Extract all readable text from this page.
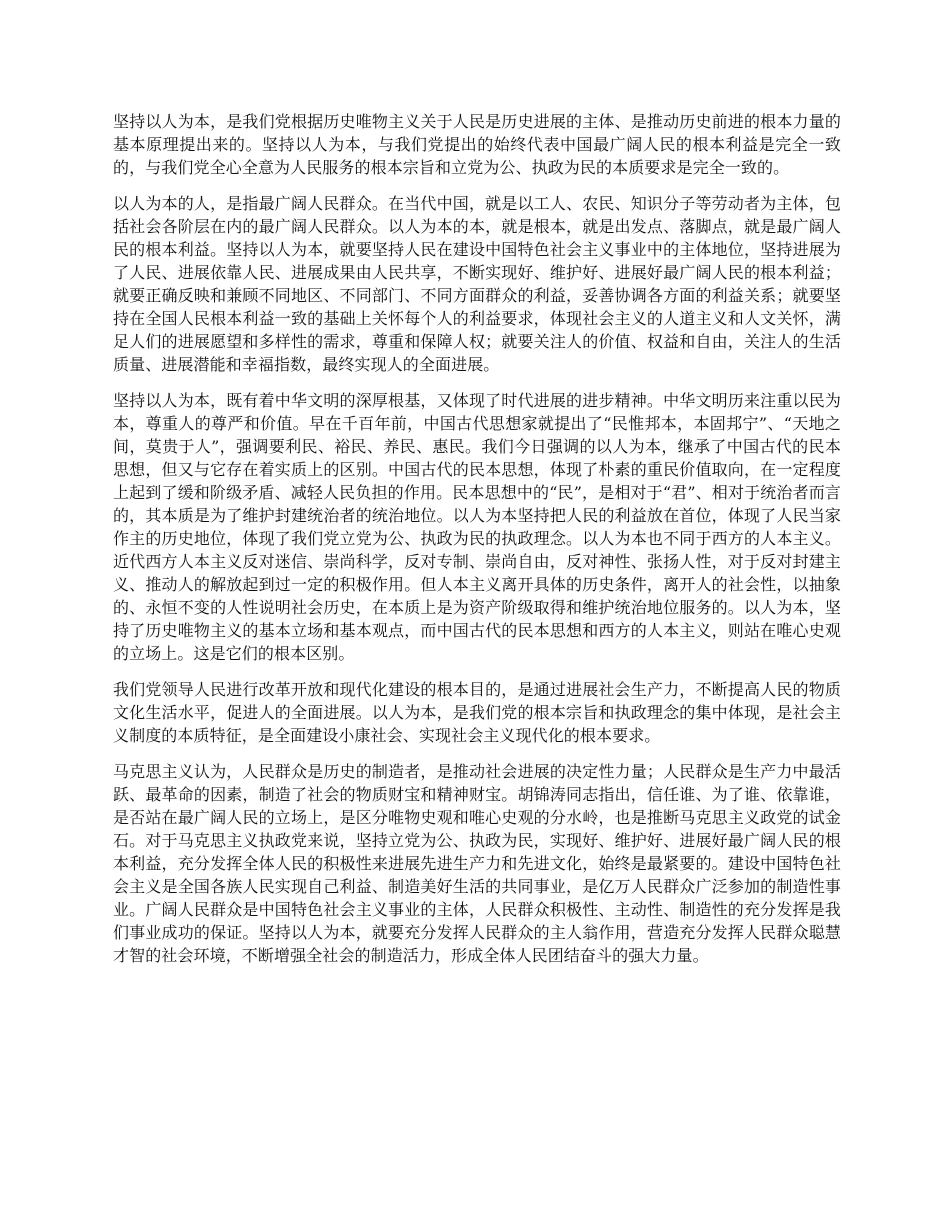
坚持以人为本，是我们党根据历史唯物主义关于人民是历史进展的主体、是推动历史前进的根本力量的基本原理提出来的。坚持以人为本，与我们党提出的始终代表中国最广阔人民的根本利益是完全一致的，与我们党全心全意为人民服务的根本宗旨和立党为公、执政为民的本质要求是完全一致的。

以人为本的人，是指最广阔人民群众。在当代中国，就是以工人、农民、知识分子等劳动者为主体，包括社会各阶层在内的最广阔人民群众。以人为本的本，就是根本，就是出发点、落脚点，就是最广阔人民的根本利益。坚持以人为本，就要坚持人民在建设中国特色社会主义事业中的主体地位，坚持进展为了人民、进展依靠人民、进展成果由人民共享，不断实现好、维护好、进展好最广阔人民的根本利益；就要正确反映和兼顾不同地区、不同部门、不同方面群众的利益，妥善协调各方面的利益关系；就要坚持在全国人民根本利益一致的基础上关怀每个人的利益要求，体现社会主义的人道主义和人文关怀，满足人们的进展愿望和多样性的需求，尊重和保障人权；就要关注人的价值、权益和自由，关注人的生活质量、进展潜能和幸福指数，最终实现人的全面进展。

坚持以人为本，既有着中华文明的深厚根基，又体现了时代进展的进步精神。中华文明历来注重以民为本，尊重人的尊严和价值。早在千百年前，中国古代思想家就提出了“民惟邦本，本固邦宁”、“天地之间，莫贵于人”，强调要利民、裕民、养民、惠民。我们今日强调的以人为本，继承了中国古代的民本思想，但又与它存在着实质上的区别。中国古代的民本思想，体现了朴素的重民价值取向，在一定程度上起到了缓和阶级矛盾、减轻人民负担的作用。民本思想中的“民”，是相对于“君”、相对于统治者而言的，其本质是为了维护封建统治者的统治地位。以人为本坚持把人民的利益放在首位，体现了人民当家作主的历史地位，体现了我们党立党为公、执政为民的执政理念。以人为本也不同于西方的人本主义。近代西方人本主义反对迷信、崇尚科学，反对专制、崇尚自由，反对神性、张扬人性，对于反对封建主义、推动人的解放起到过一定的积极作用。但人本主义离开具体的历史条件，离开人的社会性，以抽象的、永恒不变的人性说明社会历史，在本质上是为资产阶级取得和维护统治地位服务的。以人为本，坚持了历史唯物主义的基本立场和基本观点，而中国古代的民本思想和西方的人本主义，则站在唯心史观的立场上。这是它们的根本区别。

我们党领导人民进行改革开放和现代化建设的根本目的，是通过进展社会生产力，不断提高人民的物质文化生活水平，促进人的全面进展。以人为本，是我们党的根本宗旨和执政理念的集中体现，是社会主义制度的本质特征，是全面建设小康社会、实现社会主义现代化的根本要求。

马克思主义认为，人民群众是历史的制造者，是推动社会进展的决定性力量；人民群众是生产力中最活跃、最革命的因素，制造了社会的物质财宝和精神财宝。胡锦涛同志指出，信任谁、为了谁、依靠谁，是否站在最广阔人民的立场上，是区分唯物史观和唯心史观的分水岭，也是推断马克思主义政党的试金石。对于马克思主义执政党来说，坚持立党为公、执政为民，实现好、维护好、进展好最广阔人民的根本利益，充分发挥全体人民的积极性来进展先进生产力和先进文化，始终是最紧要的。建设中国特色社会主义是全国各族人民实现自己利益、制造美好生活的共同事业，是亿万人民群众广泛参加的制造性事业。广阔人民群众是中国特色社会主义事业的主体，人民群众积极性、主动性、制造性的充分发挥是我们事业成功的保证。坚持以人为本，就要充分发挥人民群众的主人翁作用，营造充分发挥人民群众聪慧才智的社会环境，不断增强全社会的制造活力，形成全体人民团结奋斗的强大力量。
